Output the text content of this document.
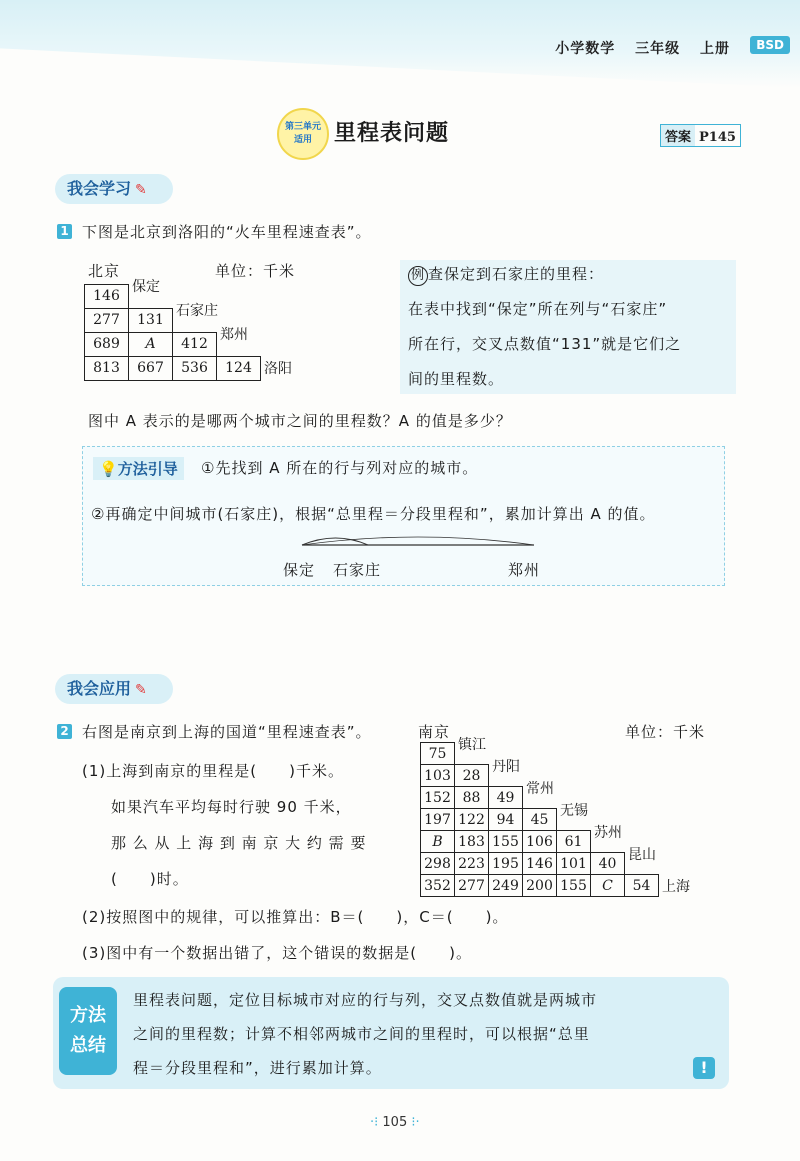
小学数学 三年级 上册	BSD
第三单元
适用	里程表问题	答案 P145
我会学习 ✎
1 下图是北京到洛阳的“火车里程速查表”。
北京	单位：千米
146
保定
277	131
石家庄
689	A	412
郑州
813	667	536	124 洛阳
例 查保定到石家庄的里程：
在表中找到“保定”所在列与“石家庄”
所在行，交叉点数值“131”就是它们之
间的里程数。
图中 A 表示的是哪两个城市之间的里程数？A 的值是多少？
💡方法引导	①先找到 A 所在的行与列对应的城市。
②再确定中间城市(石家庄)，根据“总里程＝分段里程和”，累加计算出 A 的值。
保定 石家庄	郑州
我会应用 ✎
2 右图是南京到上海的国道“里程速查表”。	南京	单位：千米
75
镇江
103 28
丹阳
152 88	49
常州
197 122 94	45
无锡
B	183 155 106 61
苏州
298 223 195 146 101 40
昆山
352 277 249 200 155	C	54 上海
(1)上海到南京的里程是(　　)千米。
如果汽车平均每时行驶 90 千米，
那 么 从 上 海 到 南 京 大 约 需 要
(　　)时。
(2)按照图中的规律，可以推算出：B＝(　　)，C＝(　　)。
(3)图中有一个数据出错了，这个错误的数据是(　　)。
方法
总结
里程表问题，定位目标城市对应的行与列，交叉点数值就是两城市
之间的里程数；计算不相邻两城市之间的里程时，可以根据“总里
程＝分段里程和”，进行累加计算。	!
·⁝ 105 ⁝·
